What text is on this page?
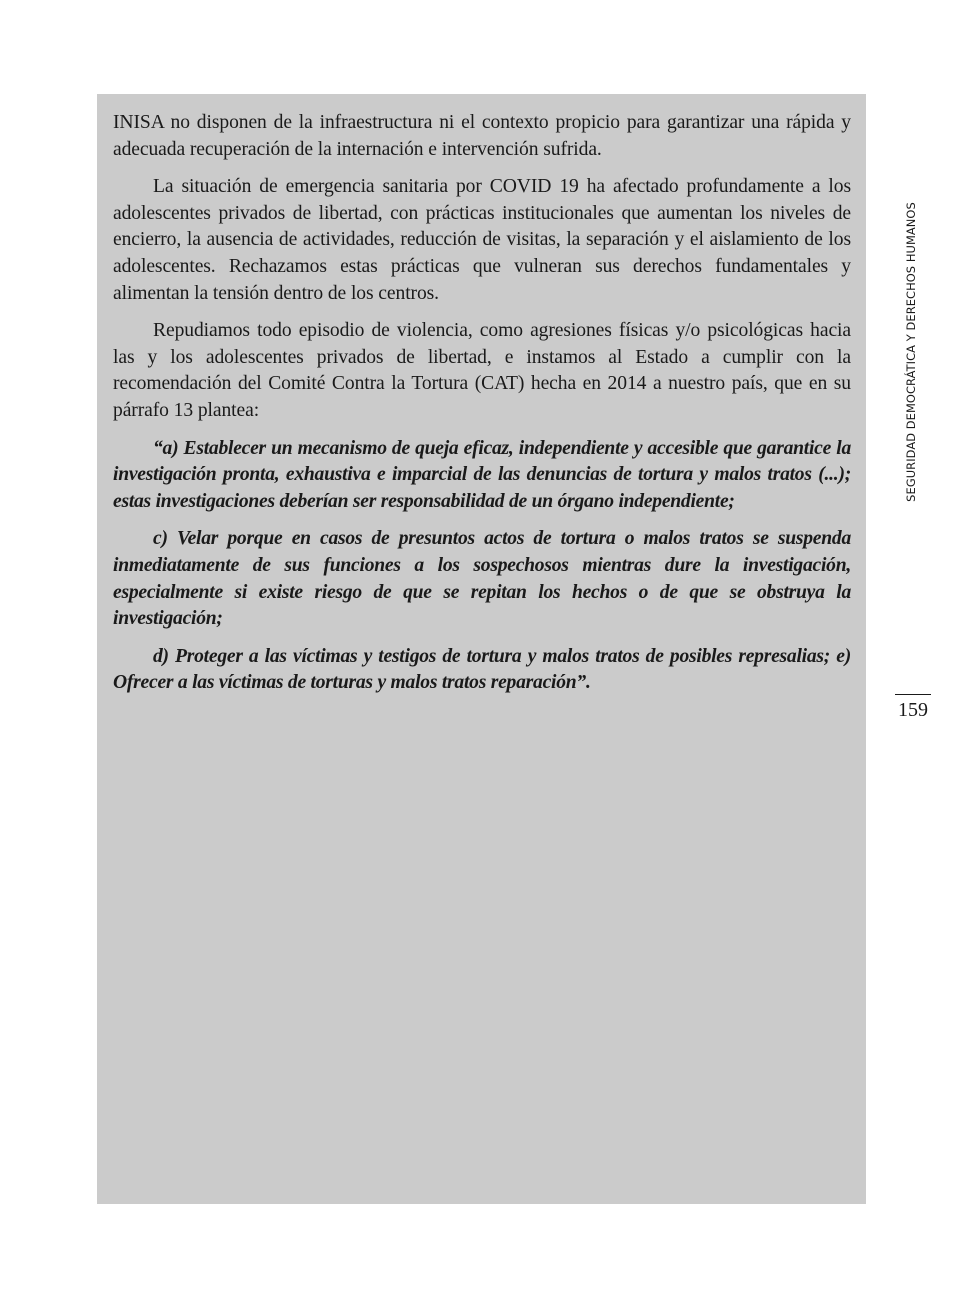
INISA no disponen de la infraestructura ni el contexto propicio para garantizar una rápida y adecuada recuperación de la internación e intervención sufrida.

La situación de emergencia sanitaria por COVID 19 ha afectado profundamente a los adolescentes privados de libertad, con prácticas institucionales que aumentan los niveles de encierro, la ausencia de actividades, reducción de visitas, la separación y el aislamiento de los adolescentes. Rechazamos estas prácticas que vulneran sus derechos fundamentales y alimentan la tensión dentro de los centros.

Repudiamos todo episodio de violencia, como agresiones físicas y/o psicológicas hacia las y los adolescentes privados de libertad, e instamos al Estado a cumplir con la recomendación del Comité Contra la Tortura (CAT) hecha en 2014 a nuestro país, que en su párrafo 13 plantea:

“a) Establecer un mecanismo de queja eficaz, independiente y accesible que garantice la investigación pronta, exhaustiva e imparcial de las denuncias de tortura y malos tratos (...); estas investigaciones deberían ser responsabilidad de un órgano independiente;

c) Velar porque en casos de presuntos actos de tortura o malos tratos se suspenda inmediatamente de sus funciones a los sospechosos mientras dure la investigación, especialmente si existe riesgo de que se repitan los hechos o de que se obstruya la investigación;

d) Proteger a las víctimas y testigos de tortura y malos tratos de posibles represalias; e) Ofrecer a las víctimas de torturas y malos tratos reparación”.

SEGURIDAD DEMOCRÁTICA Y DERECHOS HUMANOS
159
